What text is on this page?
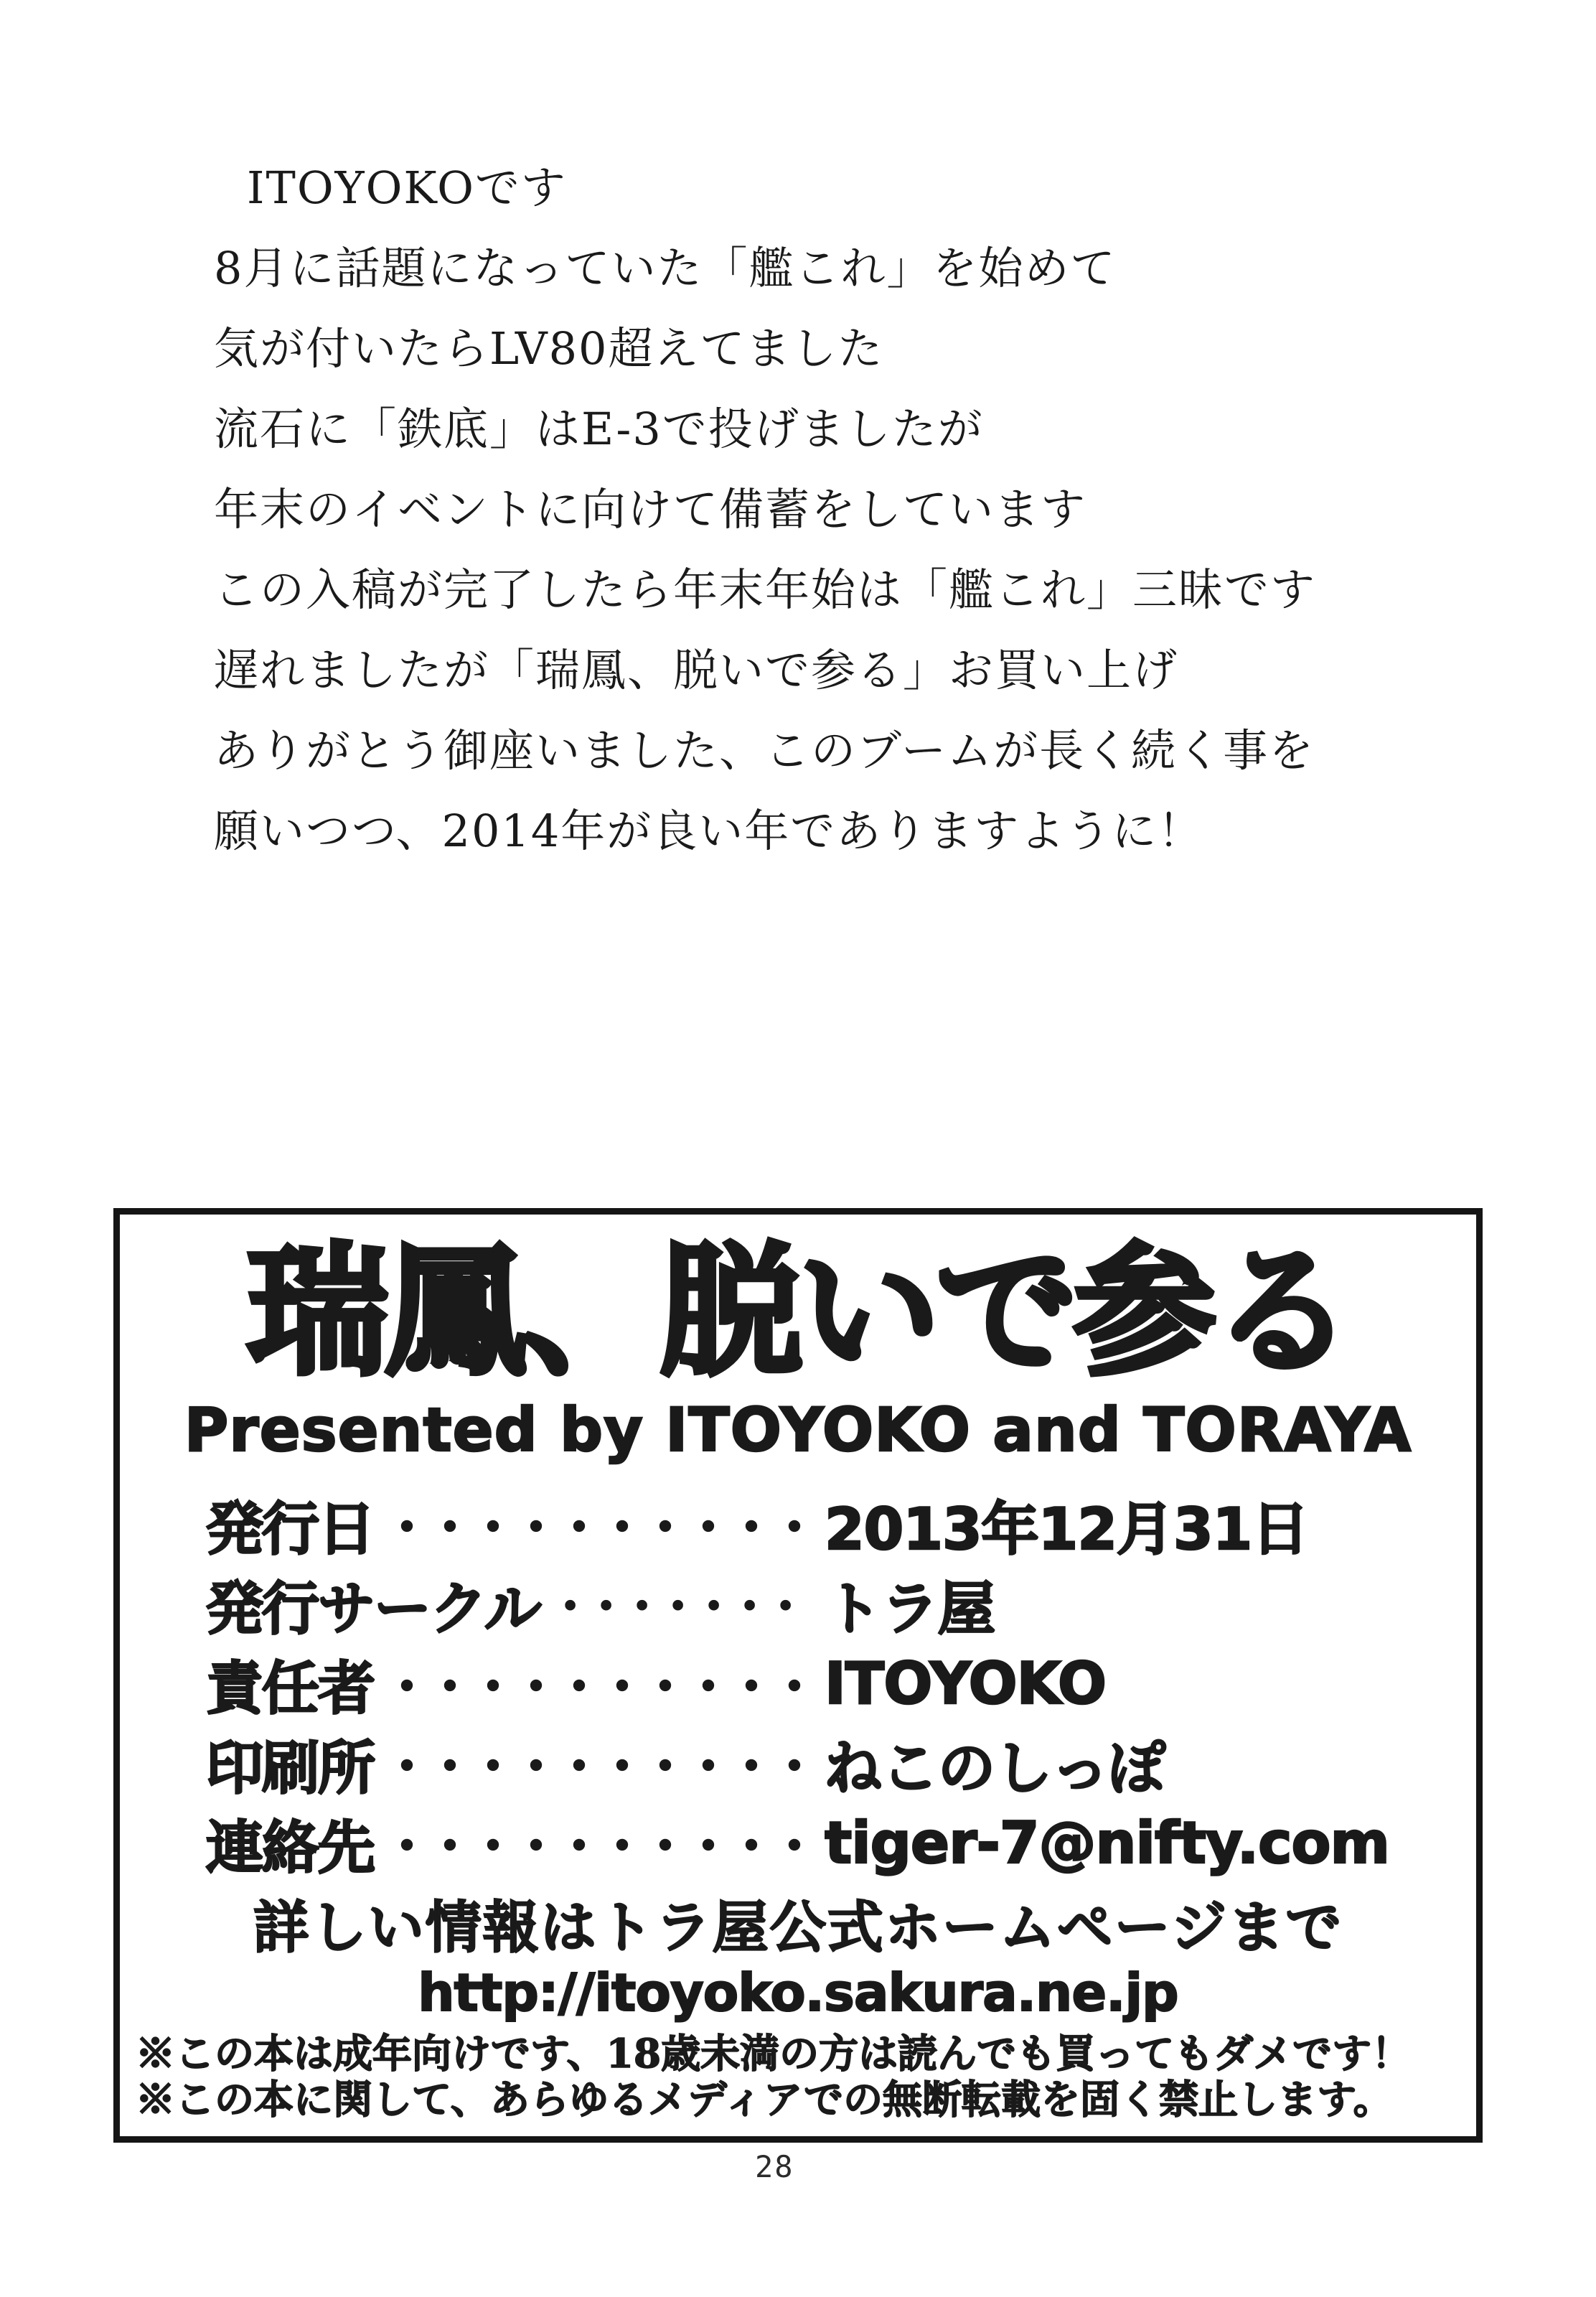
ITOYOKOです

8月に話題になっていた「艦これ」を始めて

気が付いたらLV80超えてました

流石に「鉄底」はE-3で投げましたが

年末のイベントに向けて備蓄をしています

この入稿が完了したら年末年始は「艦これ」三昧です

遅れましたが「瑞鳳、脱いで参る」お買い上げ

ありがとう御座いました、このブームが長く続く事を

願いつつ、2014年が良い年でありますように！

瑞鳳、脱いで参る
Presented by ITOYOKO and TORAYA
発行日 ・・・・・・・・・・ 2013年12月31日
発行サークル ・・・・・・・ トラ屋
責任者 ・・・・・・・・・・ ITOYOKO
印刷所 ・・・・・・・・・・ ねこのしっぽ
連絡先 ・・・・・・・・・・ tiger-7@nifty.com
詳しい情報はトラ屋公式ホームページまで
http://itoyoko.sakura.ne.jp
※この本は成年向けです、18歳未満の方は読んでも買ってもダメです！
※この本に関して、あらゆるメディアでの無断転載を固く禁止します。
28
